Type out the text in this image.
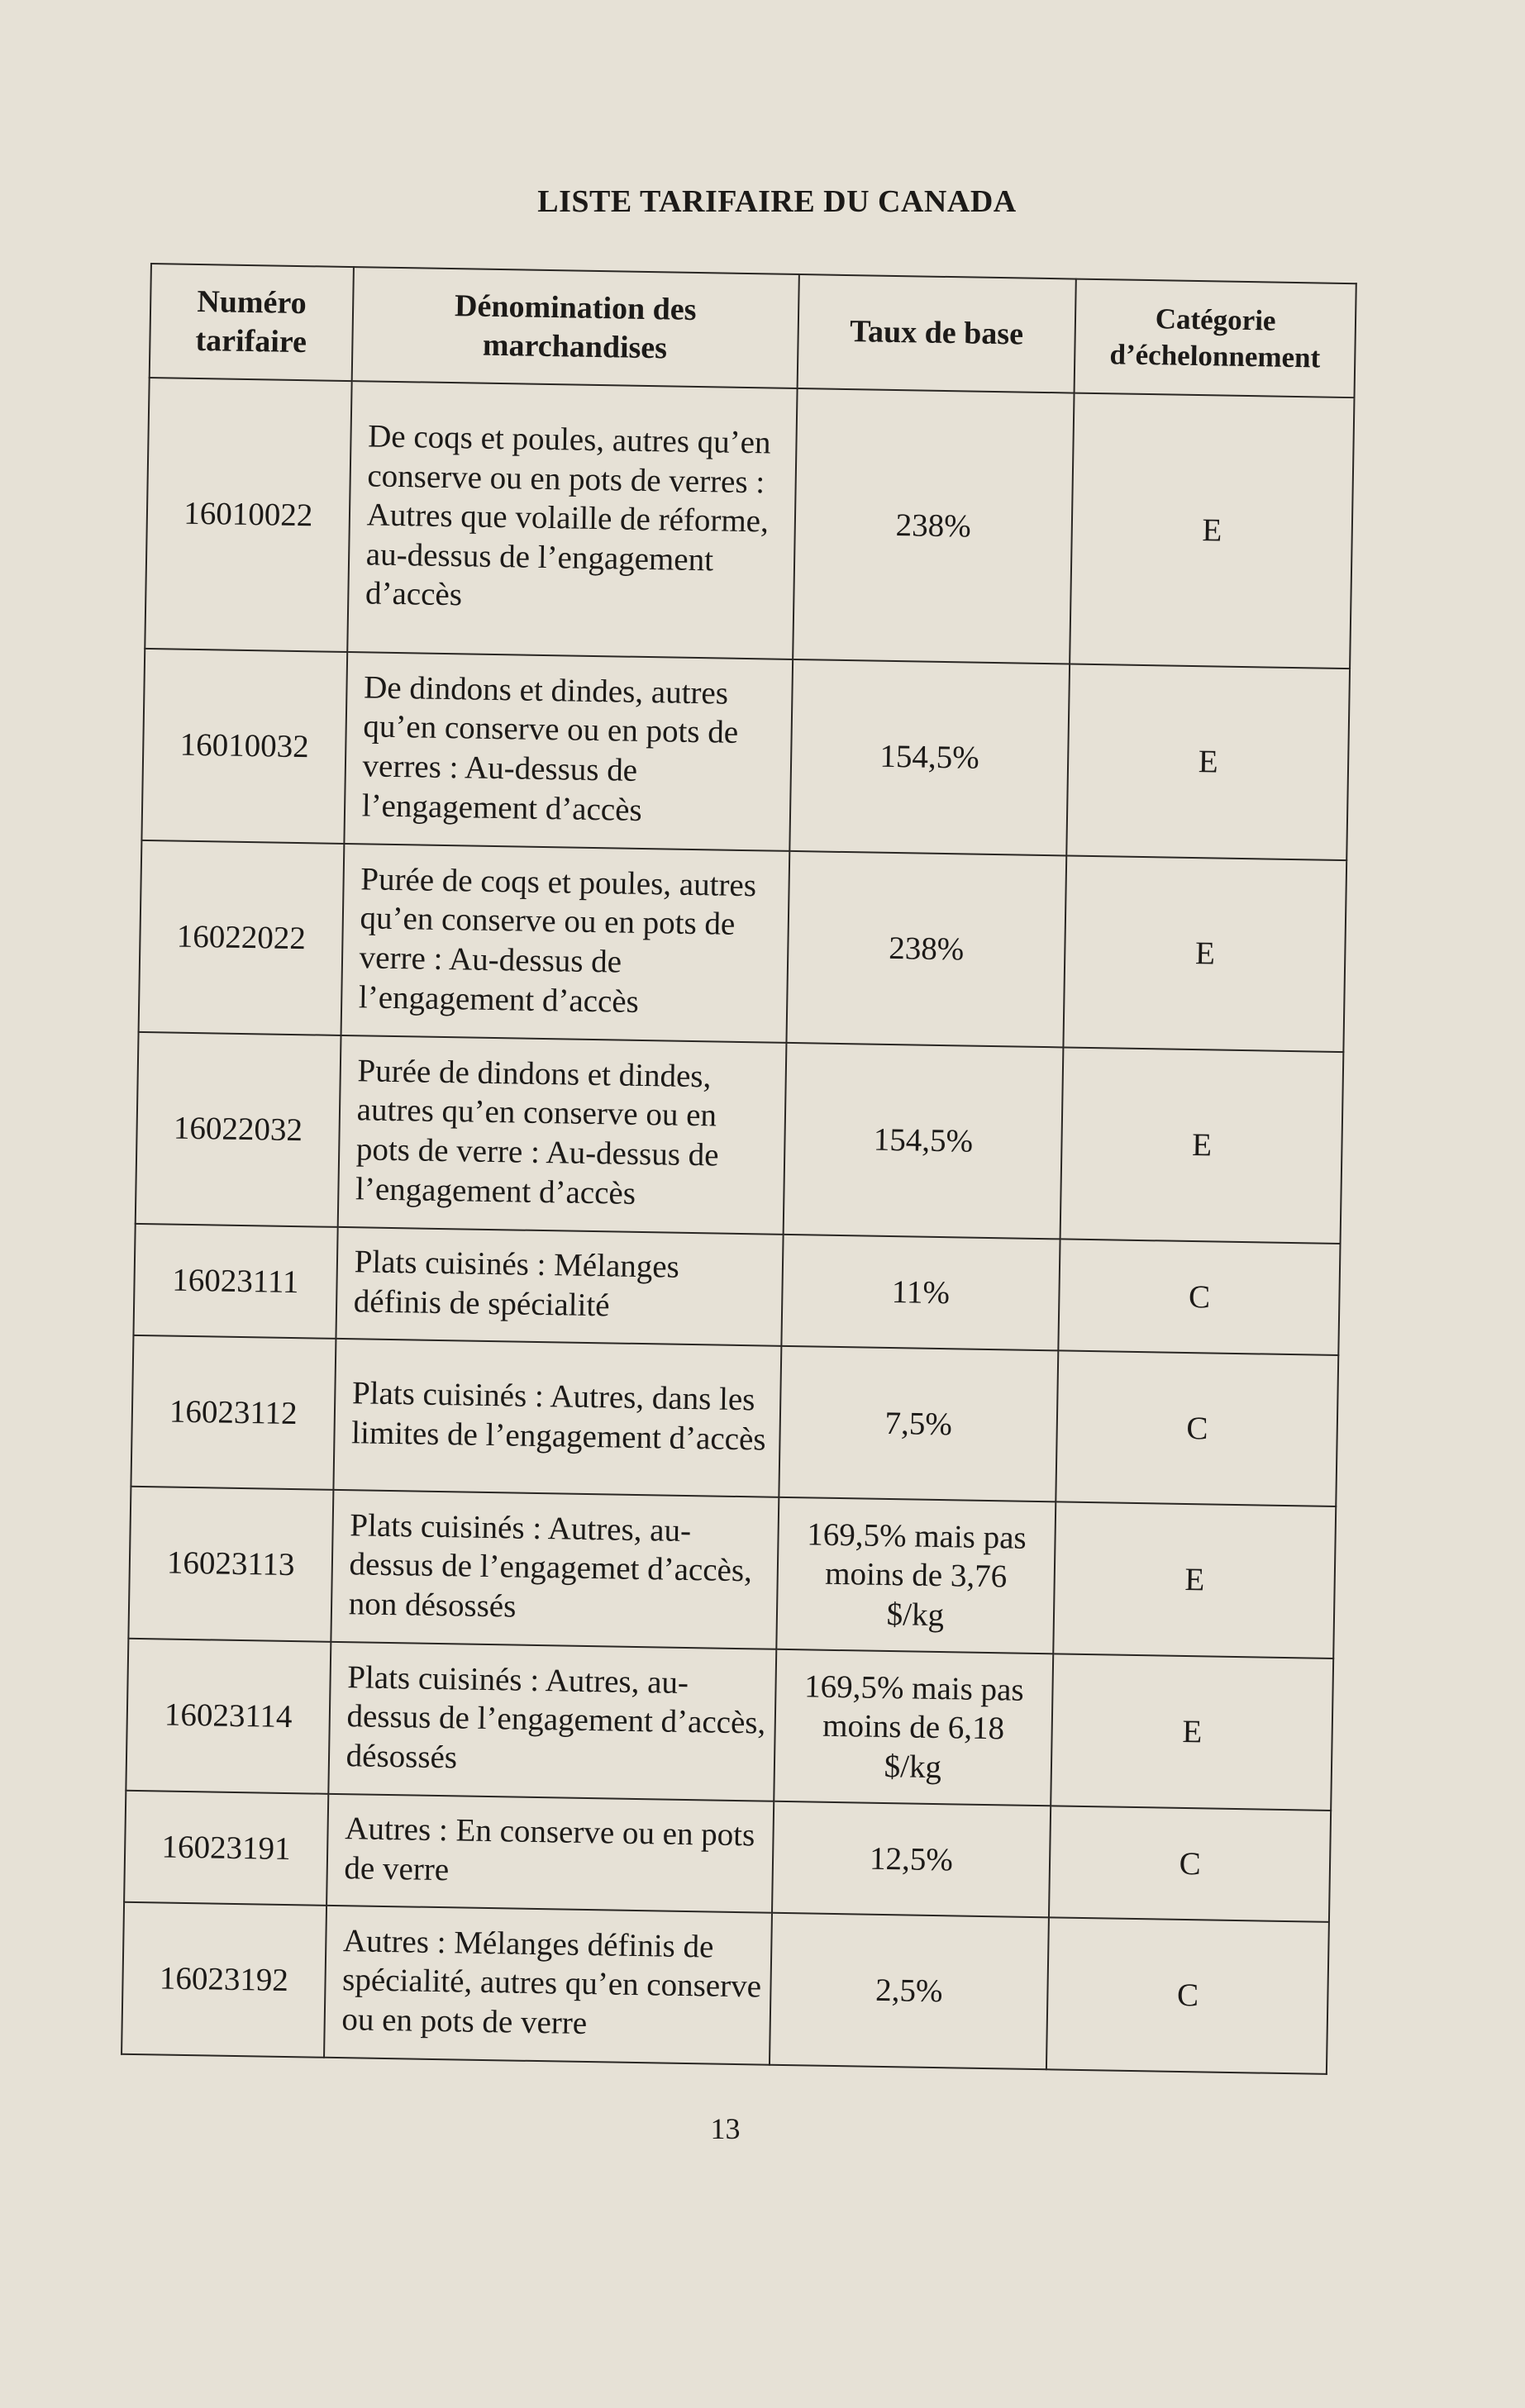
LISTE TARIFAIRE DU CANADA
Numéro tarifaire	Dénomination des marchandises	Taux de base	Catégorie d’échelonnement
16010022	De coqs et poules, autres qu’en conserve ou en pots de verres : Autres que volaille de réforme, au-dessus de l’engagement d’accès	238%	E
16010032	De dindons et dindes, autres qu’en conserve ou en pots de verres : Au-dessus de l’engagement d’accès	154,5%	E
16022022	Purée de coqs et poules, autres qu’en conserve ou en pots de verre : Au-dessus de l’engagement d’accès	238%	E
16022032	Purée de dindons et dindes, autres qu’en conserve ou en pots de verre : Au-dessus de l’engagement d’accès	154,5%	E
16023111	Plats cuisinés : Mélanges définis de spécialité	11%	C
16023112	Plats cuisinés : Autres, dans les limites de l’engagement d’accès	7,5%	C
16023113	Plats cuisinés : Autres, au-dessus de l’engagemet d’accès, non désossés	169,5% mais pas moins de 3,76 $/kg	E
16023114	Plats cuisinés : Autres, au-dessus de l’engagement d’accès, désossés	169,5% mais pas moins de 6,18 $/kg	E
16023191	Autres : En conserve ou en pots de verre	12,5%	C
16023192	Autres : Mélanges définis de spécialité, autres qu’en conserve ou en pots de verre	2,5%	C
13
